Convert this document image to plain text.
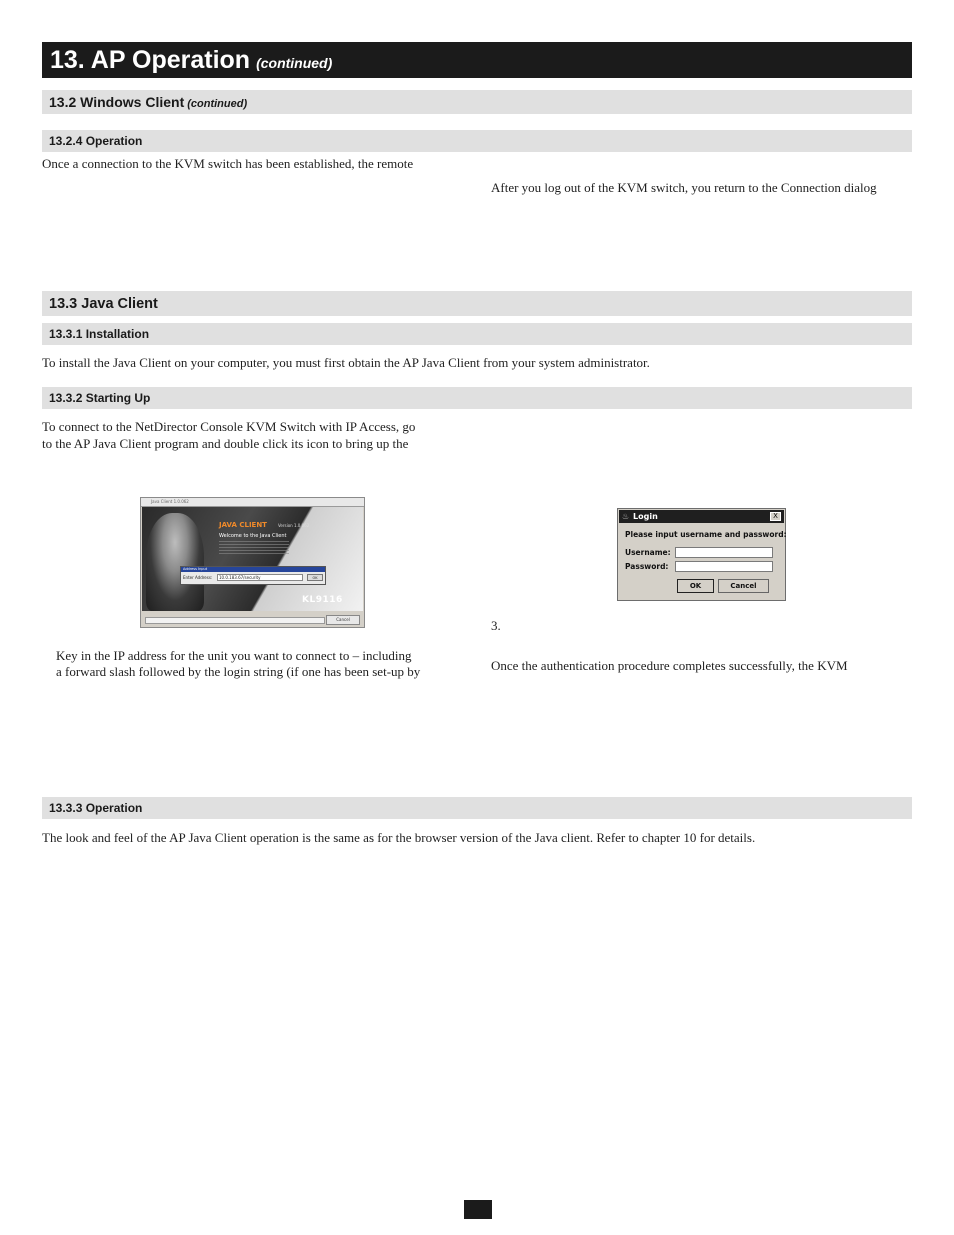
13. AP Operation (continued)
13.2 Windows Client (continued)
13.2.4 Operation

Once a connection to the KVM switch has been established, the remote

After you log out of the KVM switch, you return to the Connection dialog

13.3 Java Client
13.3.1 Installation

To install the Java Client on your computer, you must first obtain the AP Java Client from your system administrator.

13.3.2 Starting Up

To connect to the NetDirector Console KVM Switch with IP Access, go

to the AP Java Client program and double click its icon to bring up the

Java Client 1.0.062
JAVA CLIENT	Version 1.0.062
Welcome to the Java Client
KL9116
Address Input
Enter Address:	10.0.183.67/security	OK
Cancel
♨ Login	X
Please input username and password:
Username:
Password:
OK	Cancel

3.

Key in the IP address for the unit you want to connect to – including

a forward slash followed by the login string (if one has been set-up by	Once the authentication procedure completes successfully, the KVM

13.3.3 Operation

The look and feel of the AP Java Client operation is the same as for the browser version of the Java client. Refer to chapter 10 for details.
